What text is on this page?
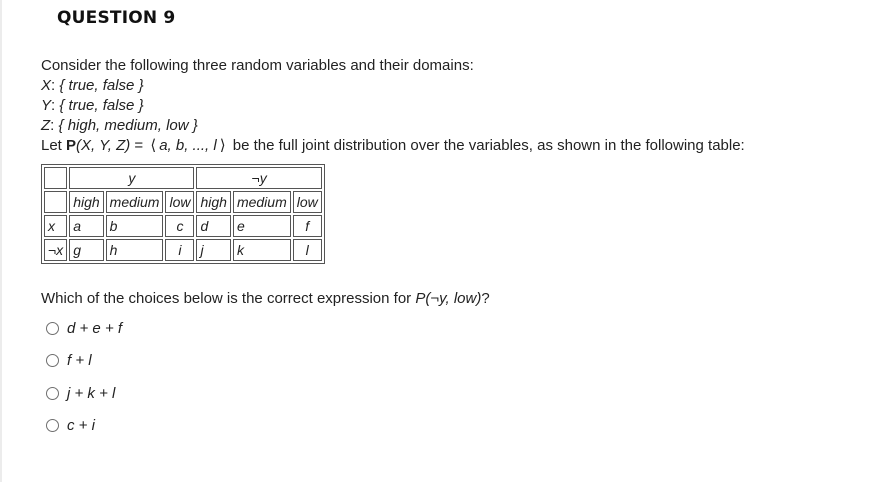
QUESTION 9
Consider the following three random variables and their domains:
X: { true, false }
Y: { true, false }
Z: { high, medium, low }
Let P(X, Y, Z) = ⟨ a, b, ..., l ⟩ be the full joint distribution over the variables, as shown in the following table:
	y			¬y		
	high	medium	low	high	medium	low
x	a	b	c	d	e	f
¬x	g	h	i	j	k	l
Which of the choices below is the correct expression for P(¬y, low)?
d + e + f
f + l
j + k + l
c + i
